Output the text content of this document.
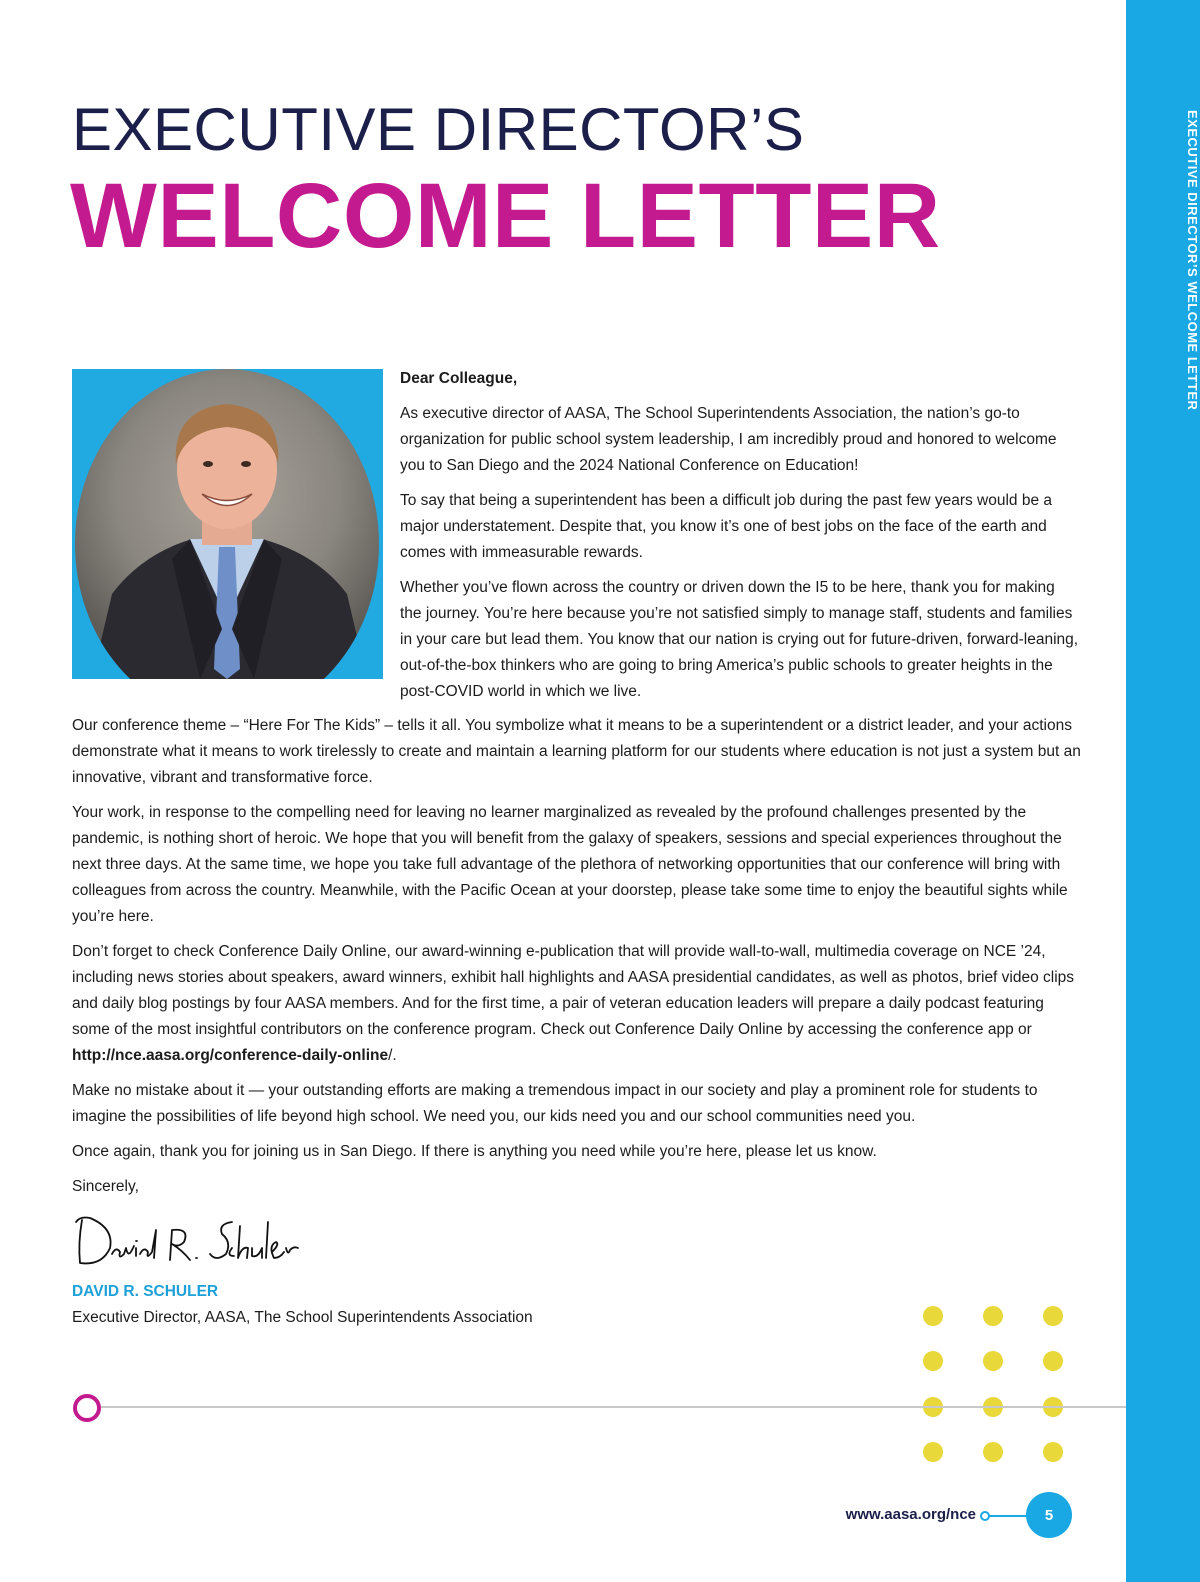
EXECUTIVE DIRECTOR’S WELCOME LETTER
EXECUTIVE DIRECTOR’S
WELCOME LETTER

Dear Colleague,

As executive director of AASA, The School Superintendents Association, the nation’s go-to organization for public school system leadership, I am incredibly proud and honored to welcome you to San Diego and the 2024 National Conference on Education!

To say that being a superintendent has been a difficult job during the past few years would be a major understatement. Despite that, you know it’s one of best jobs on the face of the earth and comes with immeasurable rewards.

Whether you’ve flown across the country or driven down the I5 to be here, thank you for making the journey. You’re here because you’re not satisfied simply to manage staff, students and families in your care but lead them. You know that our nation is crying out for future-driven, forward-leaning, out-of-the-box thinkers who are going to bring America’s public schools to greater heights in the post-COVID world in which we live.

Our conference theme – “Here For The Kids” – tells it all. You symbolize what it means to be a superintendent or a district leader, and your actions demonstrate what it means to work tirelessly to create and maintain a learning platform for our students where education is not just a system but an innovative, vibrant and transformative force.

Your work, in response to the compelling need for leaving no learner marginalized as revealed by the profound challenges presented by the pandemic, is nothing short of heroic. We hope that you will benefit from the galaxy of speakers, sessions and special experiences throughout the next three days. At the same time, we hope you take full advantage of the plethora of networking opportunities that our conference will bring with colleagues from across the country. Meanwhile, with the Pacific Ocean at your doorstep, please take some time to enjoy the beautiful sights while you’re here.

Don’t forget to check Conference Daily Online, our award-winning e-publication that will provide wall-to-wall, multimedia coverage on NCE ’24, including news stories about speakers, award winners, exhibit hall highlights and AASA presidential candidates, as well as photos, brief video clips and daily blog postings by four AASA members. And for the first time, a pair of veteran education leaders will prepare a daily podcast featuring some of the most insightful contributors on the conference program. Check out Conference Daily Online by accessing the conference app or http://nce.aasa.org/conference-daily-online/.

Make no mistake about it — your outstanding efforts are making a tremendous impact in our society and play a prominent role for students to imagine the possibilities of life beyond high school. We need you, our kids need you and our school communities need you.

Once again, thank you for joining us in San Diego. If there is anything you need while you’re here, please let us know.

Sincerely,

DAVID R. SCHULER
Executive Director, AASA, The School Superintendents Association
www.aasa.org/nce	5
